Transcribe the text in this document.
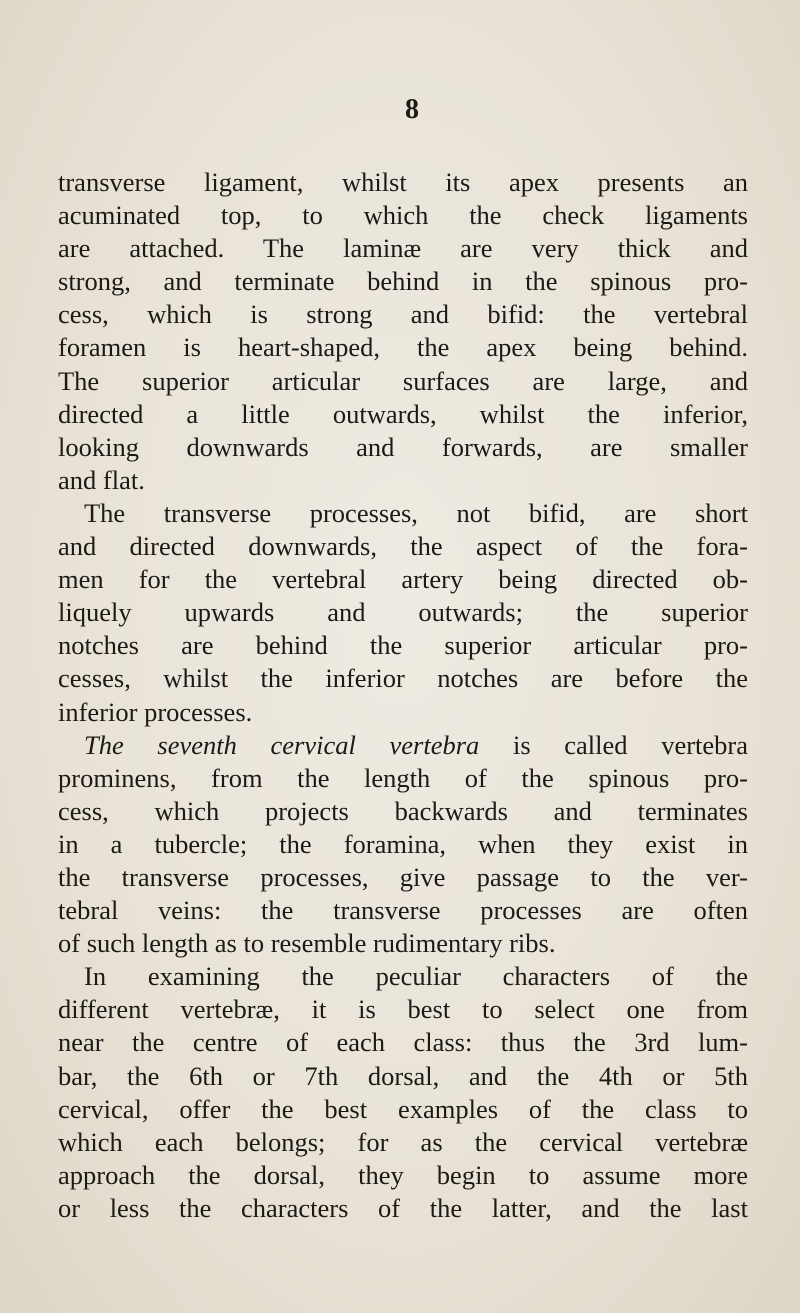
8
transverse ligament, whilst its apex presents an
acuminated top, to which the check ligaments
are attached. The laminæ are very thick and
strong, and terminate behind in the spinous pro-
cess, which is strong and bifid: the vertebral
foramen is heart-shaped, the apex being behind.
The superior articular surfaces are large, and
directed a little outwards, whilst the inferior,
looking downwards and forwards, are smaller
and flat.
The transverse processes, not bifid, are short
and directed downwards, the aspect of the fora-
men for the vertebral artery being directed ob-
liquely upwards and outwards; the superior
notches are behind the superior articular pro-
cesses, whilst the inferior notches are before the
inferior processes.
The seventh cervical vertebra is called vertebra
prominens, from the length of the spinous pro-
cess, which projects backwards and terminates
in a tubercle; the foramina, when they exist in
the transverse processes, give passage to the ver-
tebral veins: the transverse processes are often
of such length as to resemble rudimentary ribs.
In examining the peculiar characters of the
different vertebræ, it is best to select one from
near the centre of each class: thus the 3rd lum-
bar, the 6th or 7th dorsal, and the 4th or 5th
cervical, offer the best examples of the class to
which each belongs; for as the cervical vertebræ
approach the dorsal, they begin to assume more
or less the characters of the latter, and the last
